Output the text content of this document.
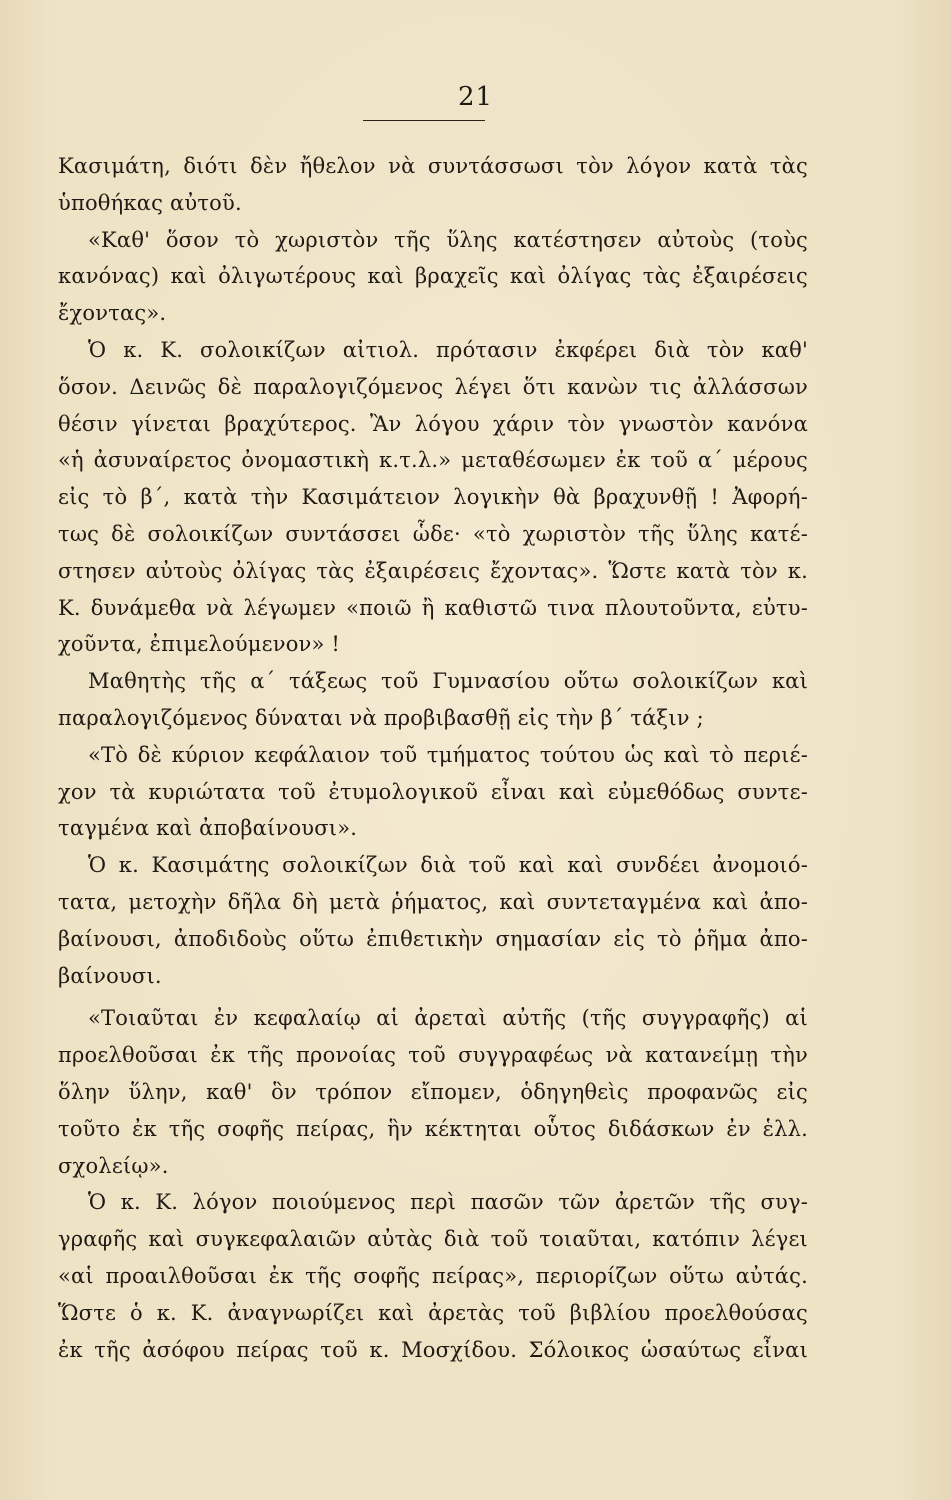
21
Κασιμάτη, διότι δὲν ἤθελον νὰ συντάσσωσι τὸν λόγον κατὰ τὰς
ὑποθήκας αὐτοῦ.
«Καθ' ὅσον τὸ χωριστὸν τῆς ὕλης κατέστησεν αὐτοὺς (τοὺς
κανόνας) καὶ ὀλιγωτέρους καὶ βραχεῖς καὶ ὀλίγας τὰς ἐξαιρέσεις
ἔχοντας».
Ὁ κ. Κ. σολοικίζων αἰτιολ. πρότασιν ἐκφέρει διὰ τὸν καθ'
ὅσον. Δεινῶς δὲ παραλογιζόμενος λέγει ὅτι κανὼν τις ἀλλάσσων
θέσιν γίνεται βραχύτερος. Ἂν λόγου χάριν τὸν γνωστὸν κανόνα
«ἡ ἀσυναίρετος ὀνομαστικὴ κ.τ.λ.» μεταθέσωμεν ἐκ τοῦ α΄ μέρους
εἰς τὸ β΄, κατὰ τὴν Κασιμάτειον λογικὴν θὰ βραχυνθῇ ! Ἀφορή-
τως δὲ σολοικίζων συντάσσει ὧδε· «τὸ χωριστὸν τῆς ὕλης κατέ-
στησεν αὐτοὺς ὀλίγας τὰς ἐξαιρέσεις ἔχοντας». Ὥστε κατὰ τὸν κ.
Κ. δυνάμεθα νὰ λέγωμεν «ποιῶ ἢ καθιστῶ τινα πλουτοῦντα, εὐτυ-
χοῦντα, ἐπιμελούμενον» !
Μαθητὴς τῆς α΄ τάξεως τοῦ Γυμνασίου οὕτω σολοικίζων καὶ
παραλογιζόμενος δύναται νὰ προβιβασθῇ εἰς τὴν β΄ τάξιν ;
«Τὸ δὲ κύριον κεφάλαιον τοῦ τμήματος τούτου ὡς καὶ τὸ περιέ-
χον τὰ κυριώτατα τοῦ ἐτυμολογικοῦ εἶναι καὶ εὐμεθόδως συντε-
ταγμένα καὶ ἀποβαίνουσι».
Ὁ κ. Κασιμάτης σολοικίζων διὰ τοῦ καὶ καὶ συνδέει ἀνομοιό-
τατα, μετοχὴν δῆλα δὴ μετὰ ῥήματος, καὶ συντεταγμένα καὶ ἀπο-
βαίνουσι, ἀποδιδοὺς οὕτω ἐπιθετικὴν σημασίαν εἰς τὸ ῥῆμα ἀπο-
βαίνουσι.
«Τοιαῦται ἐν κεφαλαίῳ αἱ ἀρεταὶ αὐτῆς (τῆς συγγραφῆς) αἱ
προελθοῦσαι ἐκ τῆς προνοίας τοῦ συγγραφέως νὰ κατανείμῃ τὴν
ὅλην ὕλην, καθ' ὃν τρόπον εἴπομεν, ὁδηγηθεὶς προφανῶς εἰς
τοῦτο ἐκ τῆς σοφῆς πείρας, ἣν κέκτηται οὗτος διδάσκων ἐν ἑλλ.
σχολείῳ».
Ὁ κ. Κ. λόγον ποιούμενος περὶ πασῶν τῶν ἀρετῶν τῆς συγ-
γραφῆς καὶ συγκεφαλαιῶν αὐτὰς διὰ τοῦ τοιαῦται, κατόπιν λέγει
«αἱ προαιλθοῦσαι ἐκ τῆς σοφῆς πείρας», περιορίζων οὕτω αὐτάς.
Ὥστε ὁ κ. Κ. ἀναγνωρίζει καὶ ἀρετὰς τοῦ βιβλίου προελθούσας
ἐκ τῆς ἀσόφου πείρας τοῦ κ. Μοσχίδου. Σόλοικος ὡσαύτως εἶναι
